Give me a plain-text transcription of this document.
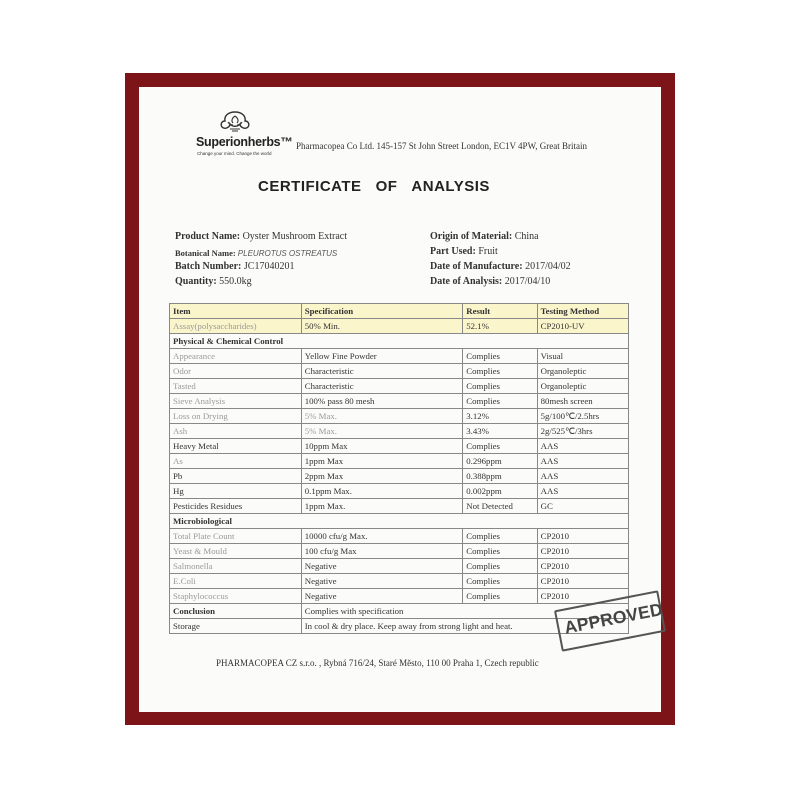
Superionherbs™
Change your mind. Change the world
Pharmacopea Co Ltd. 145-157 St John Street London, EC1V 4PW, Great Britain
CERTIFICATE OF ANALYSIS
Product Name: Oyster Mushroom Extract
Botanical Name: PLEUROTUS OSTREATUS
Batch Number: JC17040201
Quantity: 550.0kg
Origin of Material: China
Part Used: Fruit
Date of Manufacture: 2017/04/02
Date of Analysis: 2017/04/10
Item	Specification	Result	Testing Method
Assay(polysaccharides)	50% Min.	52.1%	CP2010-UV
Physical & Chemical Control			
Appearance	Yellow Fine Powder	Complies	Visual
Odor	Characteristic	Complies	Organoleptic
Tasted	Characteristic	Complies	Organoleptic
Sieve Analysis	100% pass 80 mesh	Complies	80mesh screen
Loss on Drying	5% Max.	3.12%	5g/100℃/2.5hrs
Ash	5% Max.	3.43%	2g/525℃/3hrs
Heavy Metal	10ppm Max	Complies	AAS
As	1ppm Max	0.296ppm	AAS
Pb	2ppm Max	0.388ppm	AAS
Hg	0.1ppm Max.	0.002ppm	AAS
Pesticides Residues	1ppm Max.	Not Detected	GC
Microbiological			
Total Plate Count	10000 cfu/g Max.	Complies	CP2010
Yeast & Mould	100 cfu/g Max	Complies	CP2010
Salmonella	Negative	Complies	CP2010
E.Coli	Negative	Complies	CP2010
Staphylococcus	Negative	Complies	CP2010
Conclusion	Complies with specification		
Storage	In cool & dry place. Keep away from strong light and heat.			APPROVED
PHARMACOPEA CZ s.r.o. , Rybná 716/24, Staré Město, 110 00 Praha 1, Czech republic
